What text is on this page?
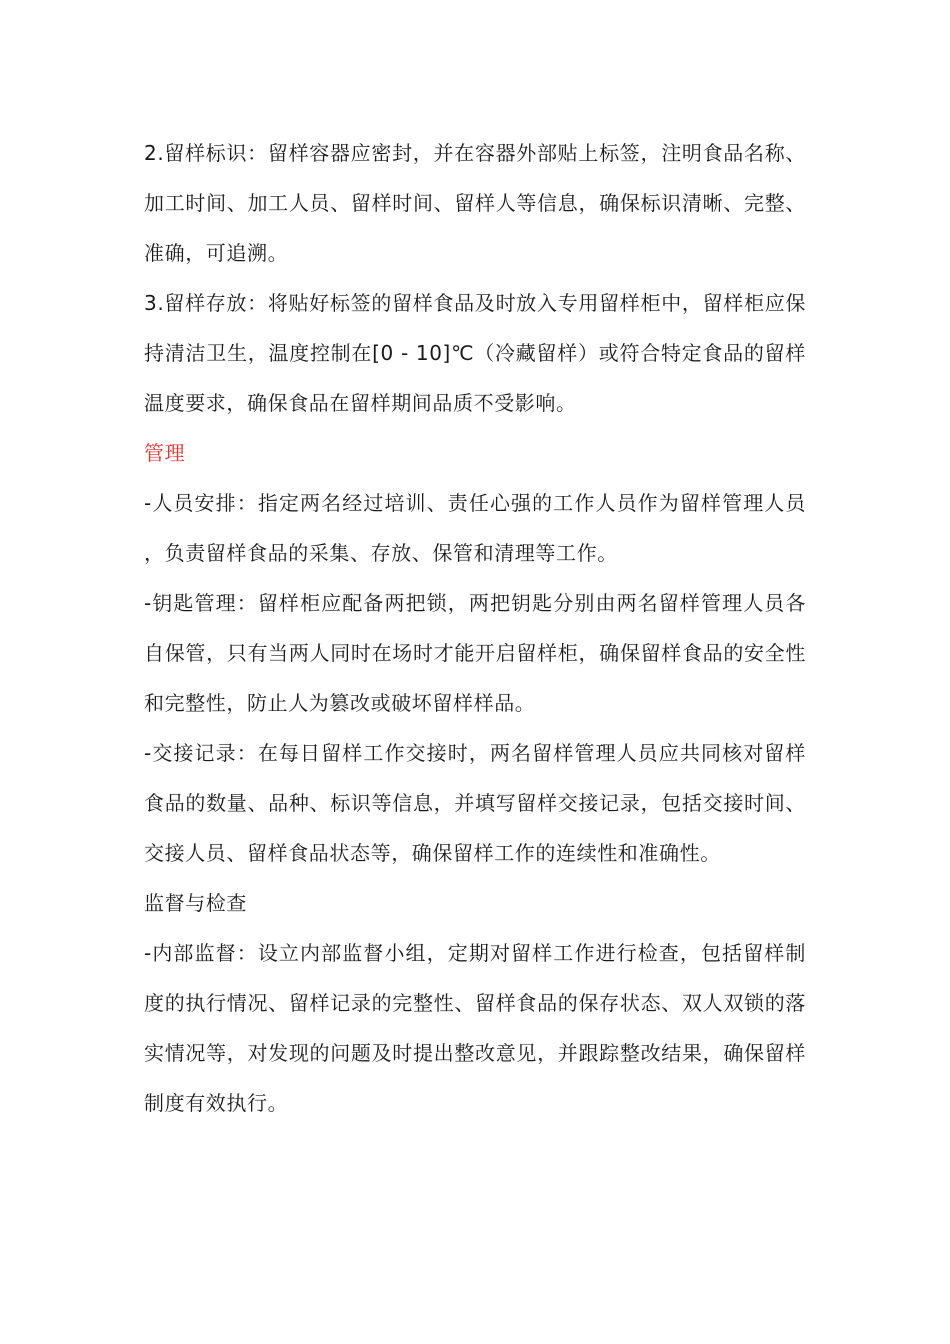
2.留样标识：留样容器应密封，并在容器外部贴上标签，注明食品名称、加工时间、加工人员、留样时间、留样人等信息，确保标识清晰、完整、准确，可追溯。

3.留样存放：将贴好标签的留样食品及时放入专用留样柜中，留样柜应保持清洁卫生，温度控制在[0 - 10]℃（冷藏留样）或符合特定食品的留样温度要求，确保食品在留样期间品质不受影响。

管理

-人员安排：指定两名经过培训、责任心强的工作人员作为留样管理人员，负责留样食品的采集、存放、保管和清理等工作。

-钥匙管理：留样柜应配备两把锁，两把钥匙分别由两名留样管理人员各自保管，只有当两人同时在场时才能开启留样柜，确保留样食品的安全性和完整性，防止人为篡改或破坏留样样品。

-交接记录：在每日留样工作交接时，两名留样管理人员应共同核对留样食品的数量、品种、标识等信息，并填写留样交接记录，包括交接时间、交接人员、留样食品状态等，确保留样工作的连续性和准确性。

监督与检查

-内部监督：设立内部监督小组，定期对留样工作进行检查，包括留样制度的执行情况、留样记录的完整性、留样食品的保存状态、双人双锁的落实情况等，对发现的问题及时提出整改意见，并跟踪整改结果，确保留样制度有效执行。
